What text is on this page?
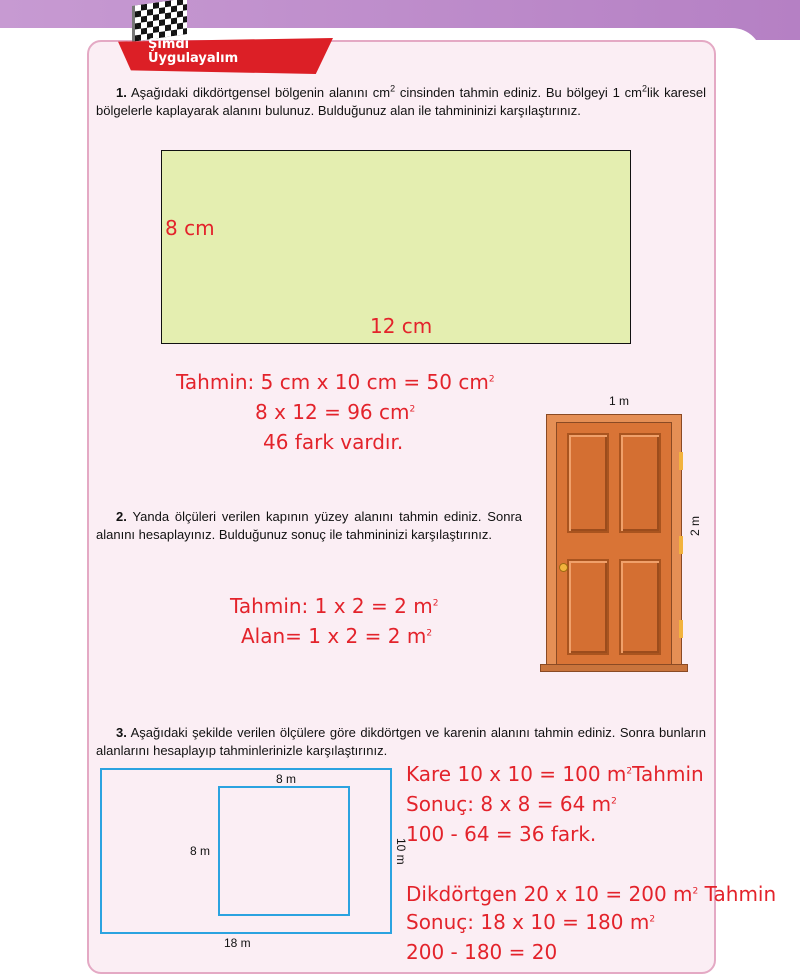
Şimdi
Uygulayalım
1. Aşağıdaki dikdörtgensel bölgenin alanını $cm^2$ cinsinden tahmin ediniz. Bu bölgeyi 1 $cm^2lik$ karesel bölgelerle kaplayarak alanını bulunuz. Bulduğunuz alan ile tahmininizi karşılaştırınız.
8 cm
12 cm
Tahmin: 5 cm x 10 cm = 50 $cm^2$
8 x 12 = 96 $cm^2$
46 fark vardır.
1 m
2 m
2. Yanda ölçüleri verilen kapının yüzey alanını tahmin ediniz. Sonra alanını hesaplayınız. Bulduğunuz sonuç ile tahmininizi karşılaştırınız.
Tahmin: 1 x 2 = 2 $m^2$
Alan= 1 x 2 = 2 $m^2$
3. Aşağıdaki şekilde verilen ölçülere göre dikdörtgen ve karenin alanını tahmin ediniz. Sonra bunların alanlarını hesaplayıp tahminlerinizle karşılaştırınız.
8 m
8 m
18 m
10 m
Kare 10 x 10 = 100 $m^2Tahmin$
Sonuç: 8 x 8 = 64 $m^2$
100 - 64 = 36 fark.
Dikdörtgen 20 x 10 = 200 $m^2$ Tahmin
Sonuç: 18 x 10 = 180 $m^2$
200 - 180 = 20
